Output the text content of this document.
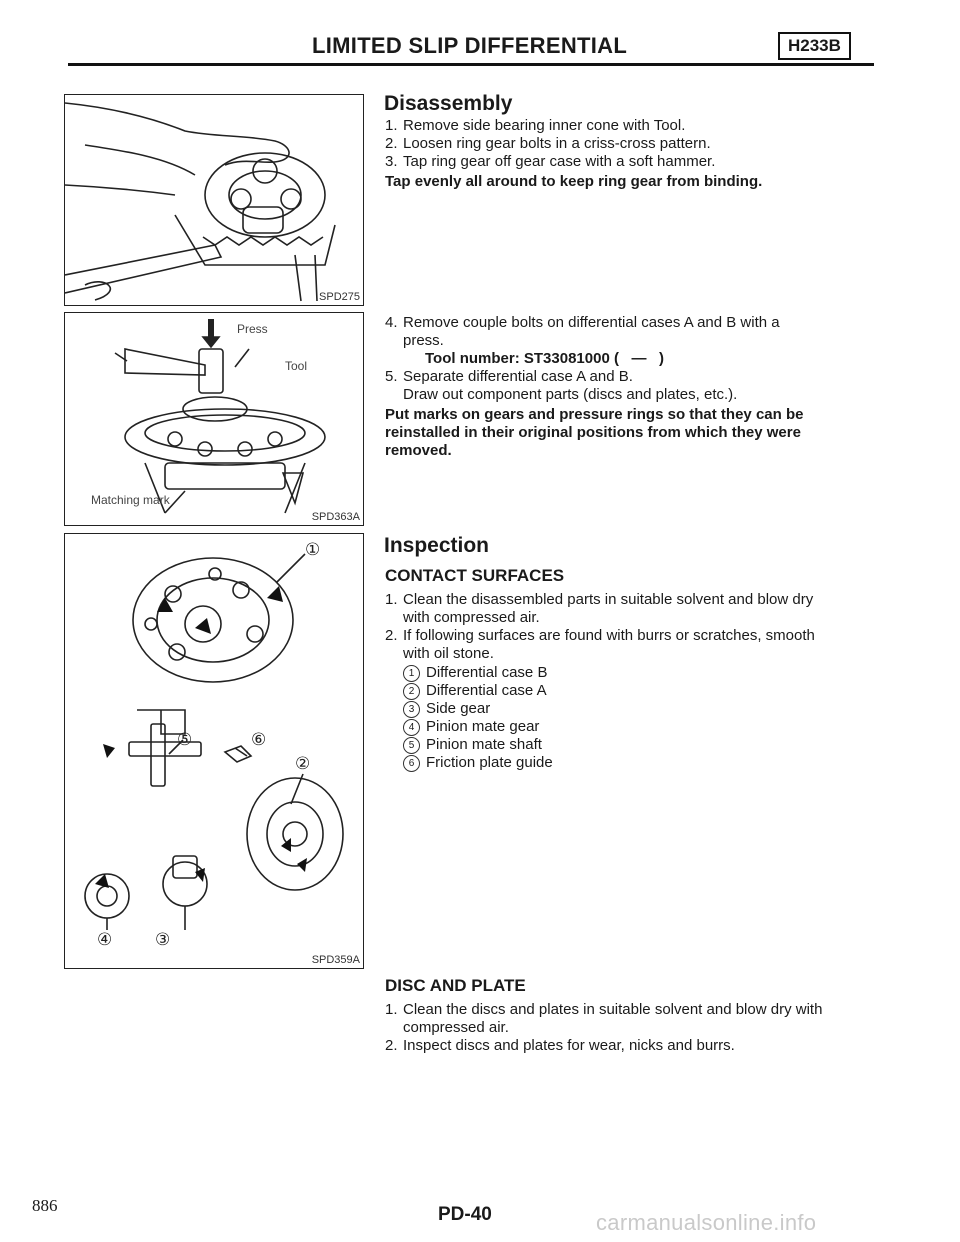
LIMITED SLIP DIFFERENTIAL	H233B
SPD275
Press
Tool
Matching mark
SPD363A
①
⑤	⑥
②
④	③
SPD359A
Disassembly
1. Remove side bearing inner cone with Tool.
2. Loosen ring gear bolts in a criss-cross pattern.
3. Tap ring gear off gear case with a soft hammer.
Tap evenly all around to keep ring gear from binding.
4. Remove couple bolts on differential cases A and B with a
press.
Tool number: ST33081000 (   —   )
5. Separate differential case A and B.
Draw out component parts (discs and plates, etc.).
Put marks on gears and pressure rings so that they can be
reinstalled in their original positions from which they were
removed.
Inspection
CONTACT SURFACES
1. Clean the disassembled parts in suitable solvent and blow dry
with compressed air.
2. If following surfaces are found with burrs or scratches, smooth
with oil stone.
1 Differential case B
2 Differential case A
3 Side gear
4 Pinion mate gear
5 Pinion mate shaft
6 Friction plate guide
DISC AND PLATE
1. Clean the discs and plates in suitable solvent and blow dry with
compressed air.
2. Inspect discs and plates for wear, nicks and burrs.
886	PD-40	carmanualsonline.info
